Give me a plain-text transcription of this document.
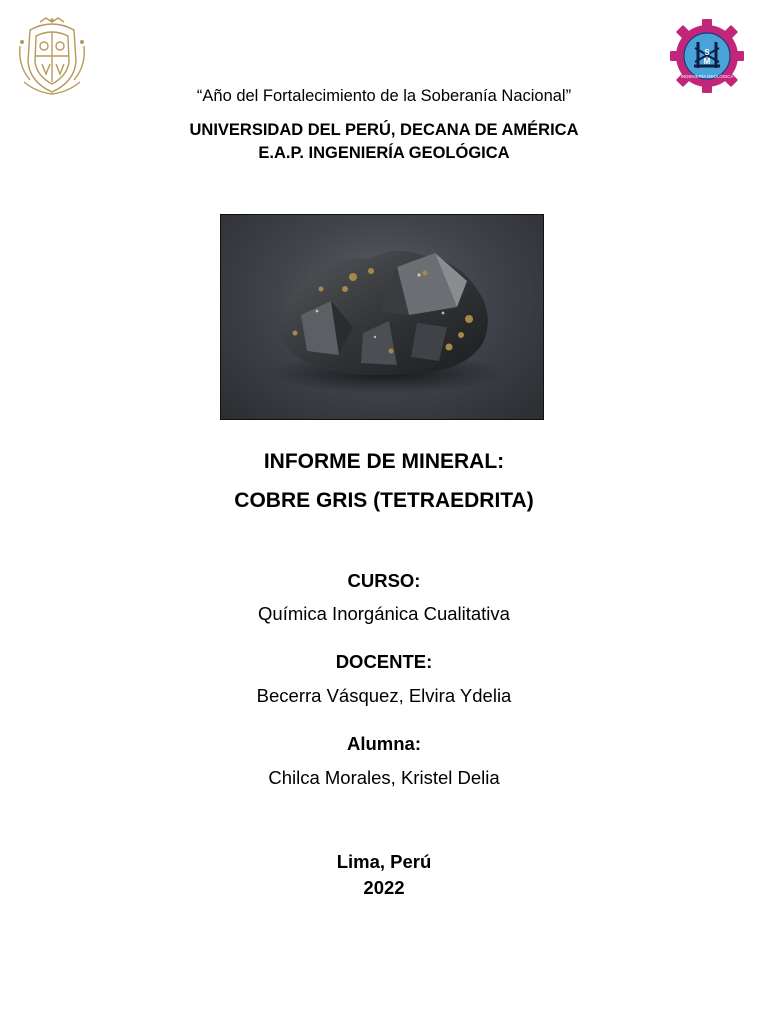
S
M
INGENIERÍA GEOLÓGICA
“Año del Fortalecimiento de la Soberanía Nacional”
UNIVERSIDAD DEL PERÚ, DECANA DE AMÉRICA
E.A.P. INGENIERÍA GEOLÓGICA
INFORME DE MINERAL:
COBRE GRIS (TETRAEDRITA)
CURSO:
Química Inorgánica Cualitativa
DOCENTE:
Becerra Vásquez, Elvira Ydelia
Alumna:
Chilca Morales, Kristel Delia
Lima, Perú
2022
